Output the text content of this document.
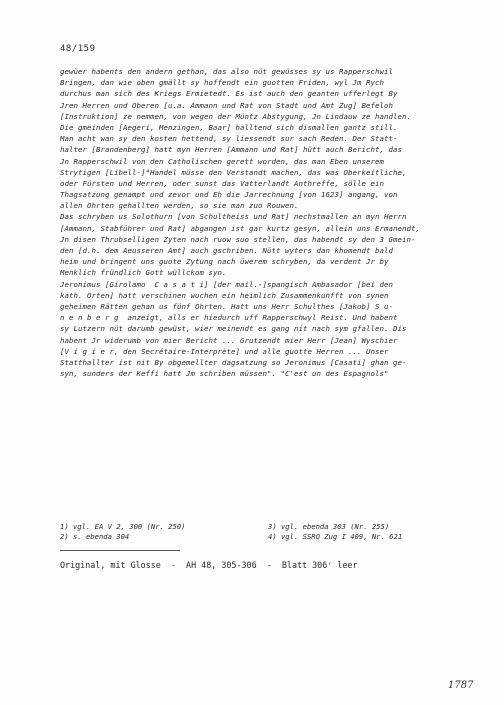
48/159
gewüer habents den andern gethan, das also nüt gewüsses sy us Rapperschwil
Bringen, dan wie oben gmällt sy hoffendt ein guotten Friden, wyl Jm Rych
durchus man sich des Kriegs Ermietedt. Es ist auch den geanten ufferlegt By
Jren Herren und Oberen [u.a. Ammann und Rat von Stadt und Amt Zug] Befeloh
[Instruktion] ze nemmen, von wegen der Müntz Abstygung, Jn Lindauw ze handlen.
Die gmeinden [Aegeri, Menzingen, Baar] halltend sich dismallen gantz still.
Man acht wan sy den kosten hettend, sy liessendt sur sach Reden. Der Statt-
halter [Brandenberg] hatt myn Herren [Ammann und Rat] hütt auch Bericht, das
Jn Rapperschwil von den Catholischen gerett worden, das man Eben unserem
Strytigen [Libell-]⁴Handel müsse den Verstandt machen, das was Oberkeitliche,
oder Fürsten und Herren, oder sunst das Vatterlandt Anthreffe, sölle ein
Thagsatzung genampt und zevor und Eh die Jarrechnung [von 1623] angang, von
allen Ohrten gehallten werden, so sie man zuo Rouwen.
Das schryben us Solothurn [von Schultheiss und Rat] nechstmallen an myn Herrn
[Ammann, Stabführer und Rat] abgangen ist gar kurtz gesyn, allein uns Ermanendt,
Jn disen Thrubselligen Zyten nach ruow suo stellen, das habendt sy den 3 Gmein-
den [d.h. dem Aeusseren Amt] auch gschriben. Nütt wyters dan khomendt bald
heim und bringent uns guote Zytung nach üwerem schryben, da verdent Jr by
Menklich fründlich Gott wüllckom syn.
Jeronimus [Girolamo  C a s a t i] [der mail.-]spangisch Ambasador [bei den
kath. Orten] hatt verschinen wuchen ein heimlich Zusammenkunfft von synen
geheimen Rätten gehan us fünf Ohrten. Hatt uns Herr Schulthes [Jakob] S u-
n e n b e r g  anzeigt, alls er hiedurch uff Rapperschwyl Reist. Und habent
sy Lutzern nüt darumb gewüst, wier meinendt es gang nit nach sym gfallen. Dis
habent Jr widerumb von mier Bericht ... Grutzendt mier Herr [Jean] Wyschier
[V i g i e r, den Secrétaire-Interprète] und alle guotte Herren ... Unser
Statthallter ist nit By obgemellter dagsatzung so Jeronimus [Casati] ghan ge-
syn, sunders der Keffi hatt Jm schriben müssen". "C'est un des Espagnols"
1) vgl. EA V 2, 300 (Nr. 250)
2) s. ebenda 304
3) vgl. ebenda 303 (Nr. 255)
4) vgl. SSRQ Zug I 409, Nr. 621
Original, mit Glosse  -  AH 48, 305-306  -  Blatt 306ʳ leer
1787
